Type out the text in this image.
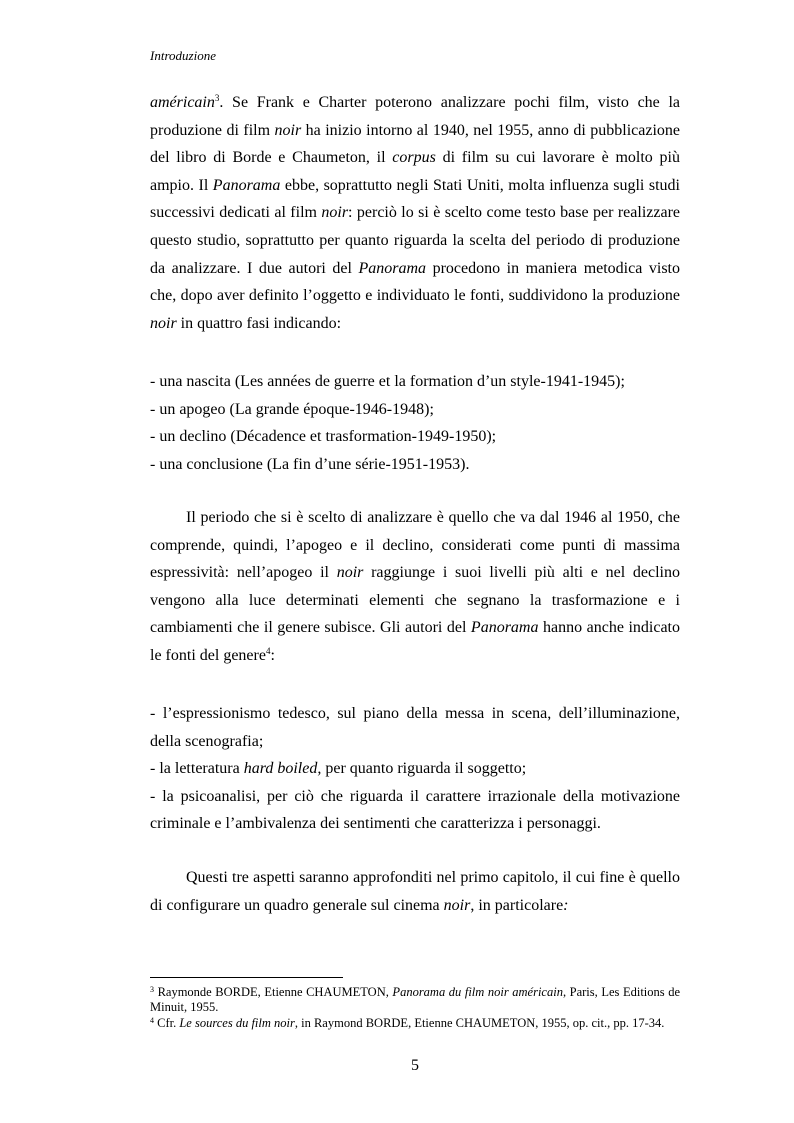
Introduzione

américain$^3$. Se Frank e Charter poterono analizzare pochi film, visto che la produzione di film noir ha inizio intorno al 1940, nel 1955, anno di pubblicazione del libro di Borde e Chaumeton, il corpus di film su cui lavorare è molto più ampio. Il Panorama ebbe, soprattutto negli Stati Uniti, molta influenza sugli studi successivi dedicati al film noir: perciò lo si è scelto come testo base per realizzare questo studio, soprattutto per quanto riguarda la scelta del periodo di produzione da analizzare. I due autori del Panorama procedono in maniera metodica visto che, dopo aver definito l’oggetto e individuato le fonti, suddividono la produzione noir in quattro fasi indicando:

- una nascita (Les années de guerre et la formation d’un style-1941-1945);
- un apogeo (La grande époque-1946-1948);
- un declino (Décadence et trasformation-1949-1950);
- una conclusione (La fin d’une série-1951-1953).

Il periodo che si è scelto di analizzare è quello che va dal 1946 al 1950, che comprende, quindi, l’apogeo e il declino, considerati come punti di massima espressività: nell’apogeo il noir raggiunge i suoi livelli più alti e nel declino vengono alla luce determinati elementi che segnano la trasformazione e i cambiamenti che il genere subisce. Gli autori del Panorama hanno anche indicato le fonti del genere$^4$:

- l’espressionismo tedesco, sul piano della messa in scena, dell’illuminazione, della scenografia;

- la letteratura hard boiled, per quanto riguarda il soggetto;

- la psicoanalisi, per ciò che riguarda il carattere irrazionale della motivazione criminale e l’ambivalenza dei sentimenti che caratterizza i personaggi.

Questi tre aspetti saranno approfonditi nel primo capitolo, il cui fine è quello di configurare un quadro generale sul cinema noir, in particolare:

$^3$ Raymonde BORDE, Etienne CHAUMETON, Panorama du film noir américain, Paris, Les Editions de Minuit, 1955.

$^4$ Cfr. Le sources du film noir, in Raymond BORDE, Etienne CHAUMETON, 1955, op. cit., pp. 17-34.

5
